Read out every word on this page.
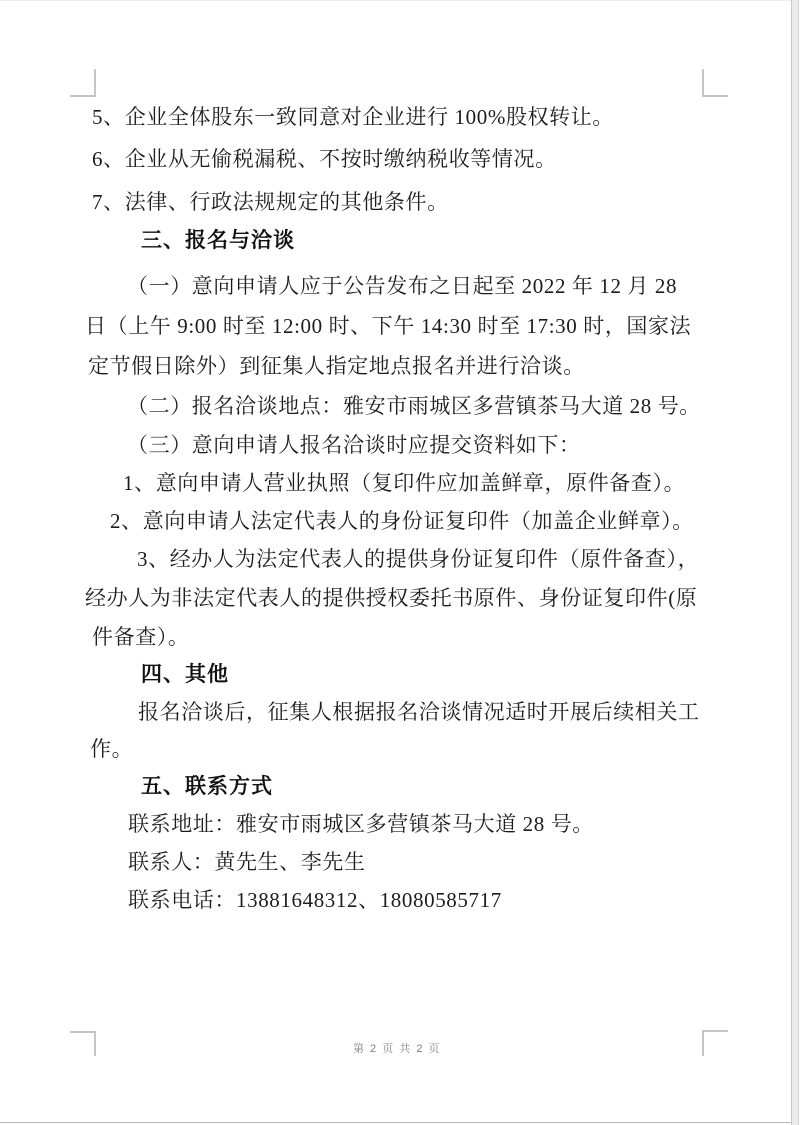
5、企业全体股东一致同意对企业进行 100%股权转让。
6、企业从无偷税漏税、不按时缴纳税收等情况。
7、法律、行政法规规定的其他条件。
三、报名与洽谈
（一）意向申请人应于公告发布之日起至 2022 年 12 月 28
日（上午 9:00 时至 12:00 时、下午 14:30 时至 17:30 时，国家法
定节假日除外）到征集人指定地点报名并进行洽谈。
（二）报名洽谈地点：雅安市雨城区多营镇茶马大道 28 号。
（三）意向申请人报名洽谈时应提交资料如下：
1、意向申请人营业执照（复印件应加盖鲜章，原件备查）。
2、意向申请人法定代表人的身份证复印件（加盖企业鲜章）。
3、经办人为法定代表人的提供身份证复印件（原件备查），
经办人为非法定代表人的提供授权委托书原件、身份证复印件(原
件备查）。
四、其他
报名洽谈后，征集人根据报名洽谈情况适时开展后续相关工
作。
五、联系方式
联系地址：雅安市雨城区多营镇茶马大道 28 号。
联系人：黄先生、李先生
联系电话：13881648312、18080585717
第 2 页 共 2 页
